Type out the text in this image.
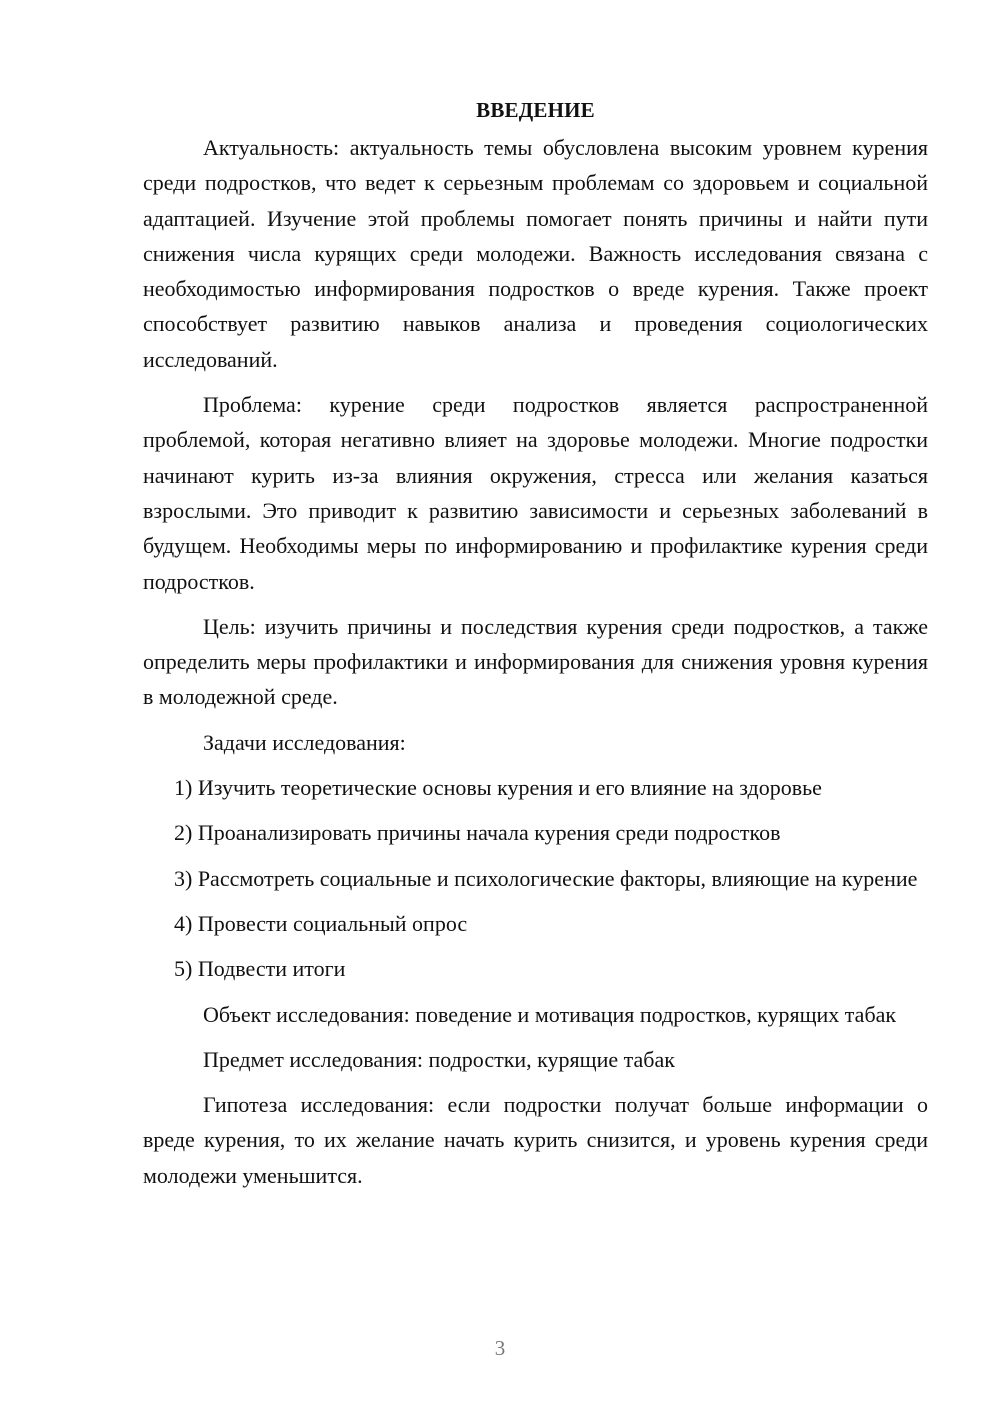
ВВЕДЕНИЕ

Актуальность: актуальность темы обусловлена высоким уровнем курения среди подростков, что ведет к серьезным проблемам со здоровьем и социальной адаптацией. Изучение этой проблемы помогает понять причины и найти пути снижения числа курящих среди молодежи. Важность исследования связана с необходимостью информирования подростков о вреде курения. Также проект способствует развитию навыков анализа и проведения социологических исследований.

Проблема: курение среди подростков является распространенной проблемой, которая негативно влияет на здоровье молодежи. Многие подростки начинают курить из-за влияния окружения, стресса или желания казаться взрослыми. Это приводит к развитию зависимости и серьезных заболеваний в будущем. Необходимы меры по информированию и профилактике курения среди подростков.

Цель: изучить причины и последствия курения среди подростков, а также определить меры профилактики и информирования для снижения уровня курения в молодежной среде.

Задачи исследования:

1) Изучить теоретические основы курения и его влияние на здоровье

2) Проанализировать причины начала курения среди подростков

3) Рассмотреть социальные и психологические факторы, влияющие на курение

4) Провести социальный опрос

5) Подвести итоги

Объект исследования: поведение и мотивация подростков, курящих табак

Предмет исследования: подростки, курящие табак

Гипотеза исследования: если подростки получат больше информации о вреде курения, то их желание начать курить снизится, и уровень курения среди молодежи уменьшится.

3
